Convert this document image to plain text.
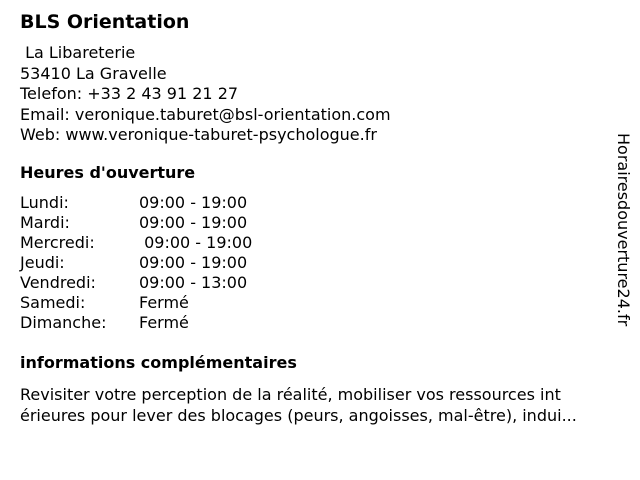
BLS Orientation
La Libareterie
53410 La Gravelle
Telefon: +33 2 43 91 21 27
Email: veronique.taburet@bsl-orientation.com
Web: www.veronique-taburet-psychologue.fr
Heures d'ouverture
Lundi:	09:00 - 19:00
Mardi:	09:00 - 19:00
Mercredi:	09:00 - 19:00
Jeudi:	09:00 - 19:00
Vendredi:	09:00 - 13:00
Samedi:	Fermé
Dimanche:	Fermé
informations complémentaires
Revisiter votre perception de la réalité, mobiliser vos ressources int
érieures pour lever des blocages (peurs, angoisses, mal-être), indui...
Horairesdouverture24.fr
